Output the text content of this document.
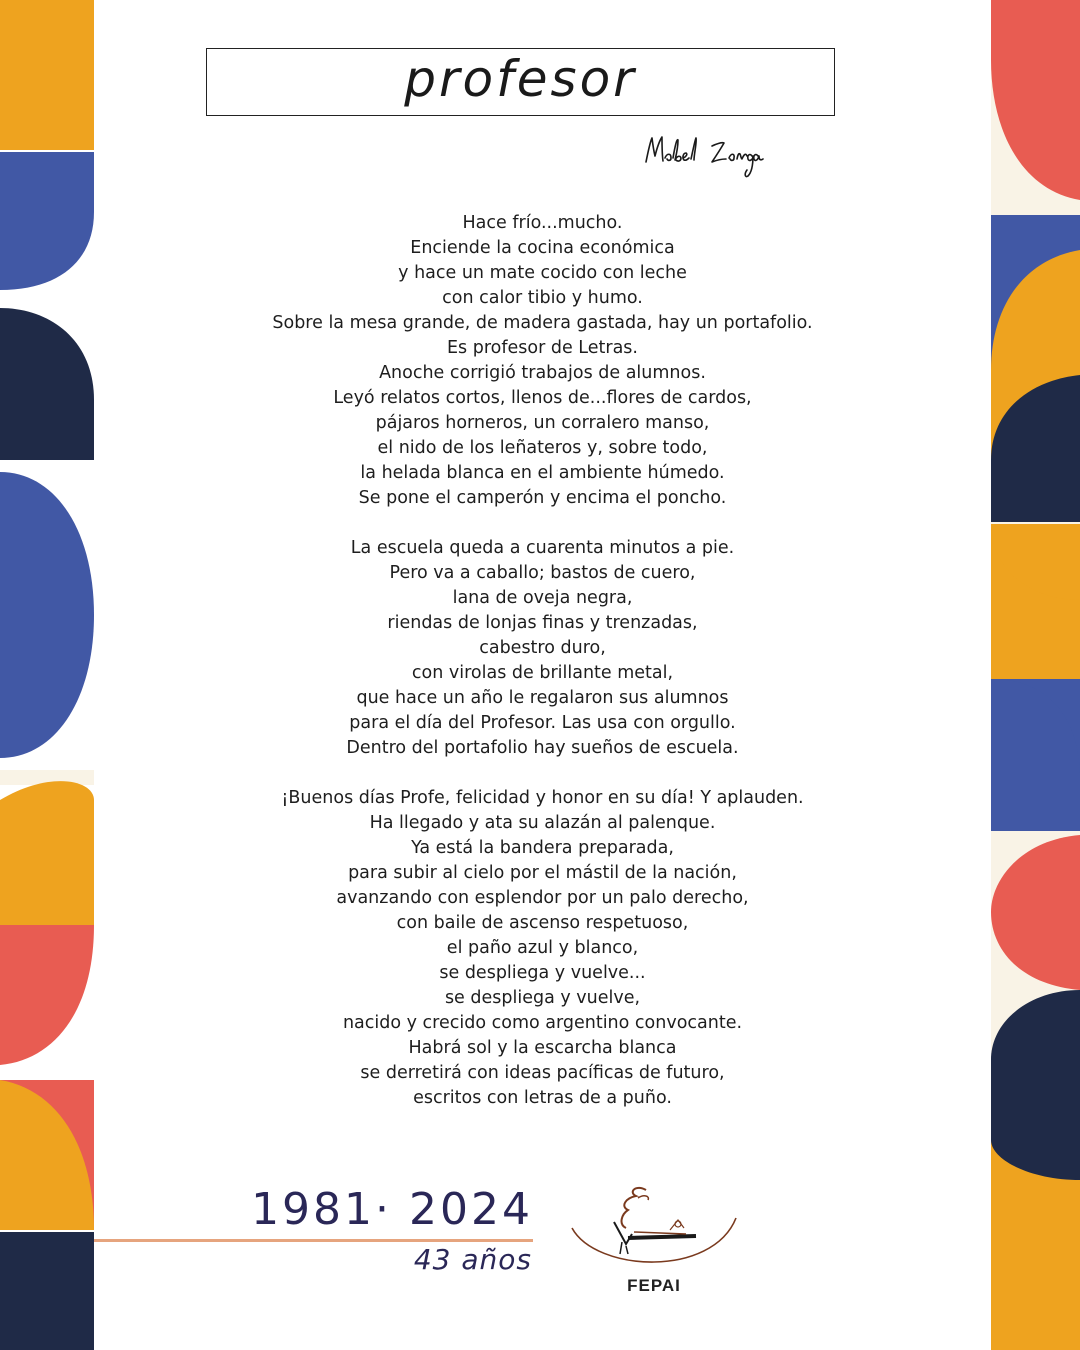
profesor
Hace frío...mucho.
Enciende la cocina económica
y hace un mate cocido con leche
con calor tibio y humo.
Sobre la mesa grande, de madera gastada, hay un portafolio.
Es profesor de Letras.
Anoche corrigió trabajos de alumnos.
Leyó relatos cortos, llenos de...flores de cardos,
pájaros horneros, un corralero manso,
el nido de los leñateros y, sobre todo,
la helada blanca en el ambiente húmedo.
Se pone el camperón y encima el poncho.
La escuela queda a cuarenta minutos a pie.
Pero va a caballo; bastos de cuero,
lana de oveja negra,
riendas de lonjas finas y trenzadas,
cabestro duro,
con virolas de brillante metal,
que hace un año le regalaron sus alumnos
para el día del Profesor. Las usa con orgullo.
Dentro del portafolio hay sueños de escuela.
¡Buenos días Profe, felicidad y honor en su día! Y aplauden.
Ha llegado y ata su alazán al palenque.
Ya está la bandera preparada,
para subir al cielo por el mástil de la nación,
avanzando con esplendor por un palo derecho,
con baile de ascenso respetuoso,
el paño azul y blanco,
se despliega y vuelve...
se despliega y vuelve,
nacido y crecido como argentino convocante.
Habrá sol y la escarcha blanca
se derretirá con ideas pacíficas de futuro,
escritos con letras de a puño.
1981· 2024
43 años
FEPAI
